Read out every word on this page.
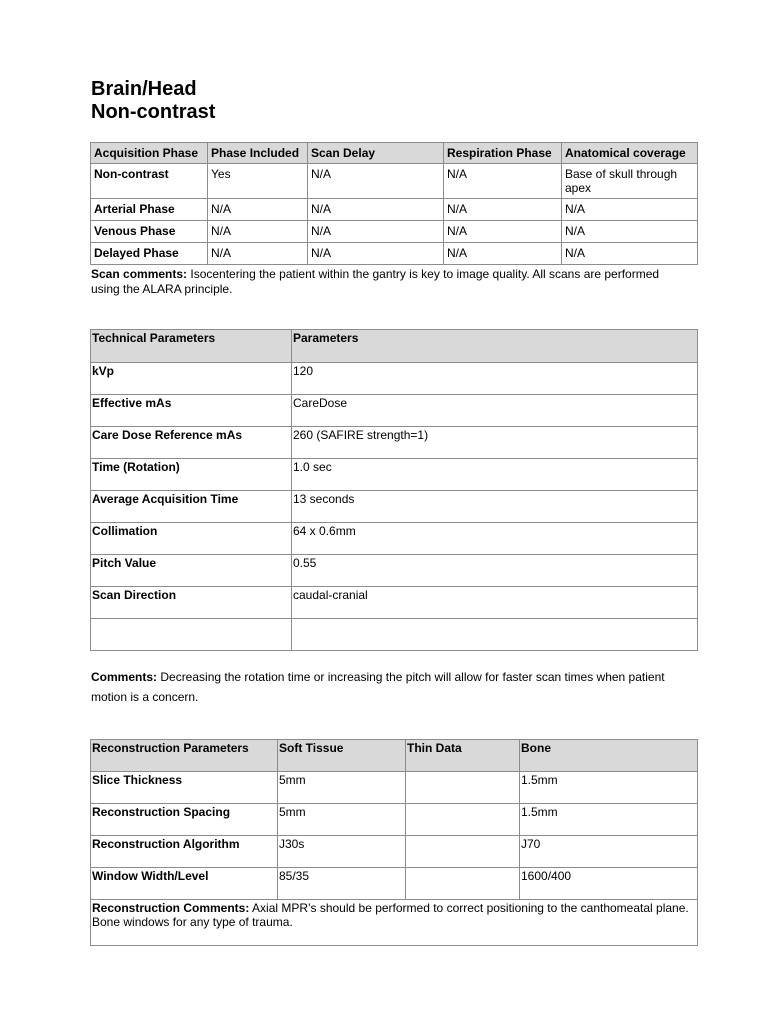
Brain/Head
Non-contrast
Acquisition Phase	Phase Included	Scan Delay	Respiration Phase	Anatomical coverage
Non-contrast	Yes	N/A	N/A	Base of skull through apex
Arterial Phase	N/A	N/A	N/A	N/A
Venous Phase	N/A	N/A	N/A	N/A
Delayed Phase	N/A	N/A	N/A	N/A
Scan comments: Isocentering the patient within the gantry is key to image quality. All scans are performed using the ALARA principle.
Technical Parameters	Parameters
kVp	120
Effective mAs	CareDose
Care Dose Reference mAs	260 (SAFIRE strength=1)
Time (Rotation)	1.0 sec
Average Acquisition Time	13 seconds
Collimation	64 x 0.6mm
Pitch Value	0.55
Scan Direction	caudal-cranial

Comments: Decreasing the rotation time or increasing the pitch will allow for faster scan times when patient motion is a concern.
Reconstruction Parameters	Soft Tissue	Thin Data	Bone
Slice Thickness	5mm		1.5mm
Reconstruction Spacing	5mm		1.5mm
Reconstruction Algorithm	J30s		J70
Window Width/Level	85/35		1600/400
Reconstruction Comments: Axial MPR’s should be performed to correct positioning to the canthomeatal plane. Bone windows for any type of trauma.			
